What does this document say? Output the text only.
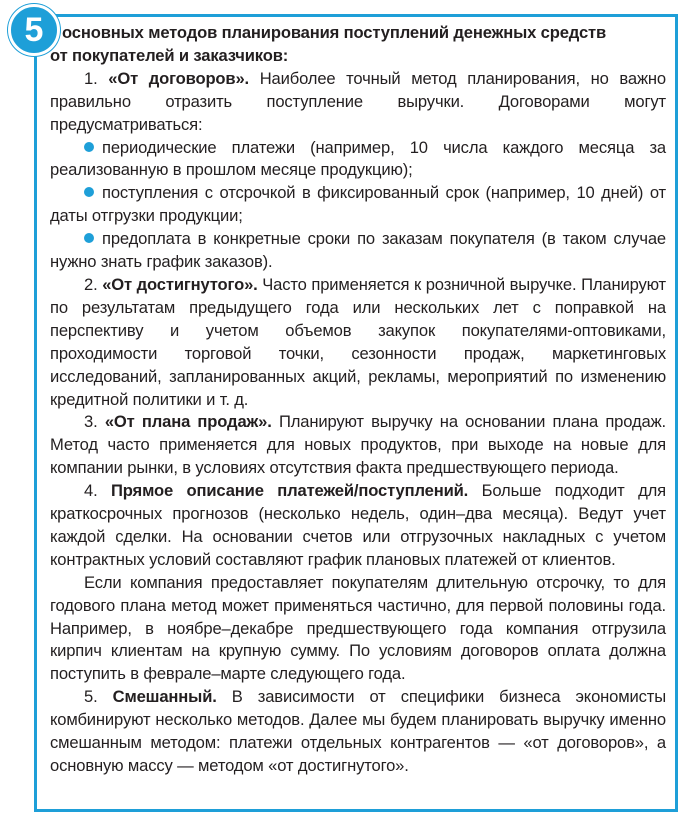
5 основных методов планирования поступлений денежных средств
от покупателей и заказчиков:

1. «От договоров». Наиболее точный метод планирования, но важно правильно отразить поступление выручки. Договорами могут предусматриваться:

периодические платежи (например, 10 числа каждого месяца за реализованную в прошлом месяце продукцию);

поступления с отсрочкой в фиксированный срок (например, 10 дней) от даты отгрузки продукции;

предоплата в конкретные сроки по заказам покупателя (в таком случае нужно знать график заказов).

2. «От достигнутого». Часто применяется к розничной выручке. Планируют по результатам предыдущего года или нескольких лет с поправкой на перспективу и учетом объемов закупок покупателями-оптовиками, проходимости торговой точки, сезонности продаж, маркетинговых исследований, запланированных акций, рекламы, мероприятий по изменению кредитной политики и т. д.

3. «От плана продаж». Планируют выручку на основании плана продаж. Метод часто применяется для новых продуктов, при выходе на новые для компании рынки, в условиях отсутствия факта предшествующего периода.

4. Прямое описание платежей/поступлений. Больше подходит для краткосрочных прогнозов (несколько недель, один–два месяца). Ведут учет каждой сделки. На основании счетов или отгрузочных накладных с учетом контрактных условий составляют график плановых платежей от клиентов.

Если компания предоставляет покупателям длительную отсрочку, то для годового плана метод может применяться частично, для первой половины года. Например, в ноябре–декабре предшествующего года компания отгрузила кирпич клиентам на крупную сумму. По условиям договоров оплата должна поступить в феврале–марте следующего года.

5. Смешанный. В зависимости от специфики бизнеса экономисты комбинируют несколько методов. Далее мы будем планировать выручку именно смешанным методом: платежи отдельных контрагентов — «от договоров», а основную массу — методом «от достигнутого».
